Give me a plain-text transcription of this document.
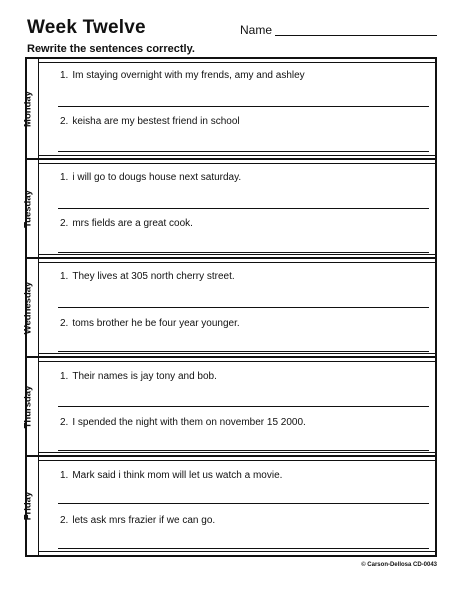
Week Twelve	Name
Rewrite the sentences correctly.
Monday
1. Im staying overnight with my frends, amy and ashley
2. keisha are my bestest friend in school
Tuesday
1. i will go to dougs house next saturday.
2. mrs fields are a great cook.
Wednesday
1. They lives at 305 north cherry street.
2. toms brother he be four year younger.
Thursday
1. Their names is jay tony and bob.
2. I spended the night with them on november 15 2000.
Friday
1. Mark said i think mom will let us watch a movie.
2. lets ask mrs frazier if we can go.
© Carson-Dellosa CD-0043
